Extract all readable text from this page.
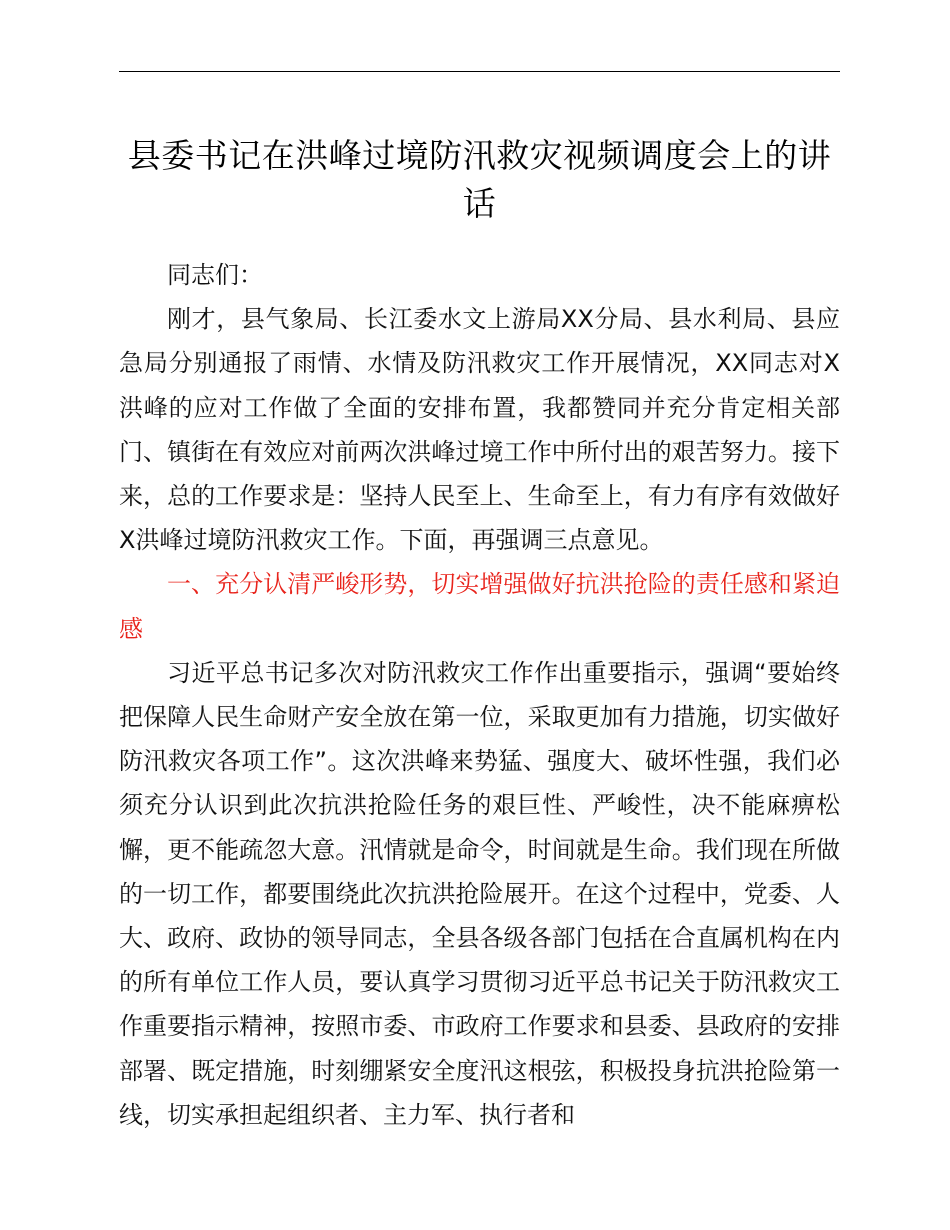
县委书记在洪峰过境防汛救灾视频调度会上的讲话

同志们：

刚才，县气象局、长江委水文上游局XX分局、县水利局、县应急局分别通报了雨情、水情及防汛救灾工作开展情况，XX同志对X洪峰的应对工作做了全面的安排布置，我都赞同并充分肯定相关部门、镇街在有效应对前两次洪峰过境工作中所付出的艰苦努力。接下来，总的工作要求是：坚持人民至上、生命至上，有力有序有效做好X洪峰过境防汛救灾工作。下面，再强调三点意见。

一、充分认清严峻形势，切实增强做好抗洪抢险的责任感和紧迫感

习近平总书记多次对防汛救灾工作作出重要指示，强调“要始终把保障人民生命财产安全放在第一位，采取更加有力措施，切实做好防汛救灾各项工作”。这次洪峰来势猛、强度大、破坏性强，我们必须充分认识到此次抗洪抢险任务的艰巨性、严峻性，决不能麻痹松懈，更不能疏忽大意。汛情就是命令，时间就是生命。我们现在所做的一切工作，都要围绕此次抗洪抢险展开。在这个过程中，党委、人大、政府、政协的领导同志，全县各级各部门包括在合直属机构在内的所有单位工作人员，要认真学习贯彻习近平总书记关于防汛救灾工作重要指示精神，按照市委、市政府工作要求和县委、县政府的安排部署、既定措施，时刻绷紧安全度汛这根弦，积极投身抗洪抢险第一线，切实承担起组织者、主力军、执行者和
